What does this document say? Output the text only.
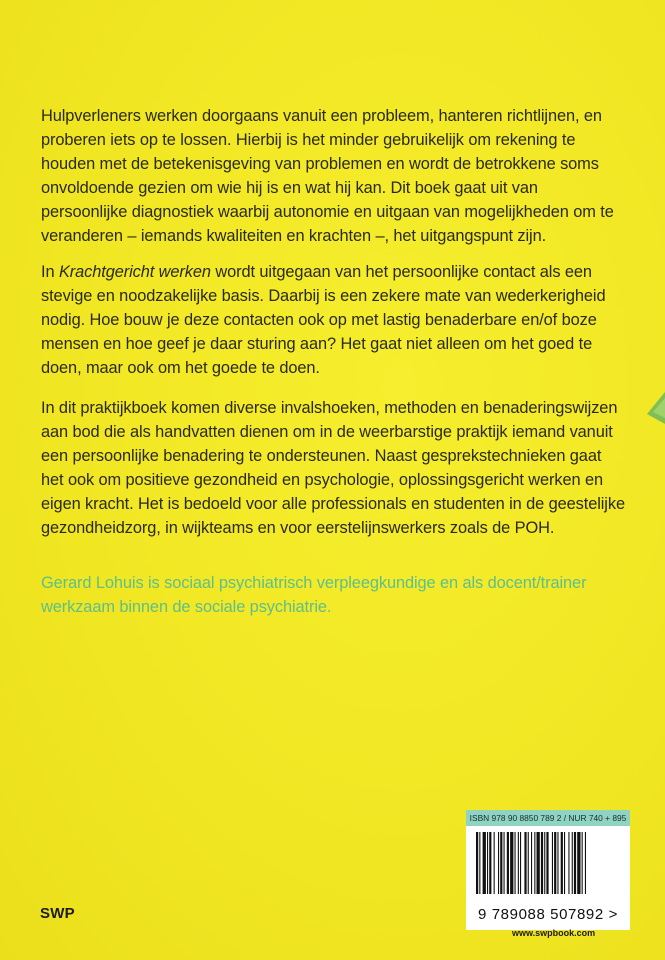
Hulpverleners werken doorgaans vanuit een probleem, hanteren richtlijnen, en proberen iets op te lossen. Hierbij is het minder gebruikelijk om rekening te houden met de betekenisgeving van problemen en wordt de betrokkene soms onvoldoende gezien om wie hij is en wat hij kan. Dit boek gaat uit van persoonlijke diagnostiek waarbij autonomie en uitgaan van mogelijkheden om te veranderen – iemands kwaliteiten en krachten –, het uitgangspunt zijn.
In Krachtgericht werken wordt uitgegaan van het persoonlijke contact als een stevige en noodzakelijke basis. Daarbij is een zekere mate van wederkerigheid nodig. Hoe bouw je deze contacten ook op met lastig benaderbare en/of boze mensen en hoe geef je daar sturing aan? Het gaat niet alleen om het goed te doen, maar ook om het goede te doen.
In dit praktijkboek komen diverse invalshoeken, methoden en benaderingswijzen aan bod die als handvatten dienen om in de weerbarstige praktijk iemand vanuit een persoonlijke benadering te ondersteunen. Naast gesprekstechnieken gaat het ook om positieve gezondheid en psychologie, oplossingsgericht werken en eigen kracht. Het is bedoeld voor alle professionals en studenten in de geestelijke gezondheidzorg, in wijkteams en voor eerstelijnswerkers zoals de POH.
Gerard Lohuis is sociaal psychiatrisch verpleegkundige en als docent/trainer werkzaam binnen de sociale psychiatrie.
ISBN 978 90 8850 789 2 / NUR 740 + 895
9 789088 507892 >
SWP
www.swpbook.com
